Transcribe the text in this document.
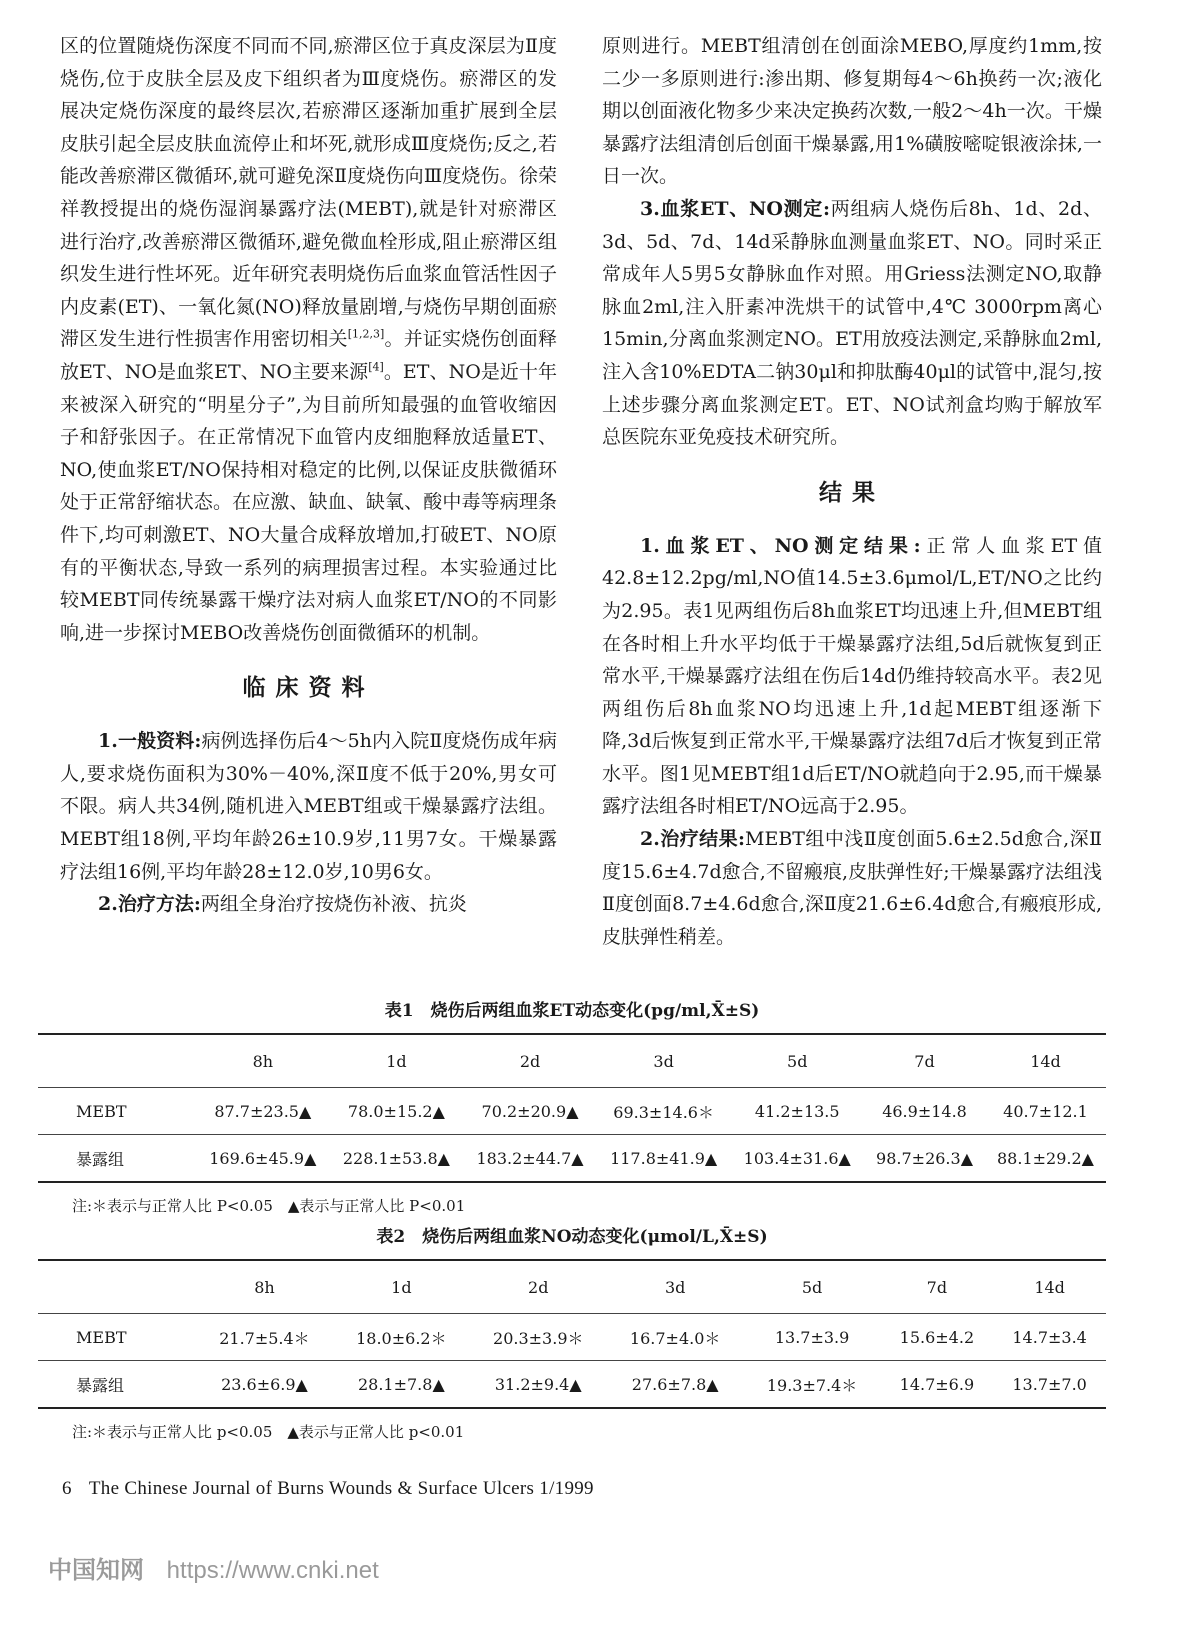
区的位置随烧伤深度不同而不同,瘀滞区位于真皮深层为Ⅱ度烧伤,位于皮肤全层及皮下组织者为Ⅲ度烧伤。瘀滞区的发展决定烧伤深度的最终层次,若瘀滞区逐渐加重扩展到全层皮肤引起全层皮肤血流停止和坏死,就形成Ⅲ度烧伤;反之,若能改善瘀滞区微循环,就可避免深Ⅱ度烧伤向Ⅲ度烧伤。徐荣祥教授提出的烧伤湿润暴露疗法(MEBT),就是针对瘀滞区进行治疗,改善瘀滞区微循环,避免微血栓形成,阻止瘀滞区组织发生进行性坏死。近年研究表明烧伤后血浆血管活性因子内皮素(ET)、一氧化氮(NO)释放量剧增,与烧伤早期创面瘀滞区发生进行性损害作用密切相关[1,2,3]。并证实烧伤创面释放ET、NO是血浆ET、NO主要来源[4]。ET、NO是近十年来被深入研究的“明星分子”,为目前所知最强的血管收缩因子和舒张因子。在正常情况下血管内皮细胞释放适量ET、NO,使血浆ET/NO保持相对稳定的比例,以保证皮肤微循环处于正常舒缩状态。在应激、缺血、缺氧、酸中毒等病理条件下,均可刺激ET、NO大量合成释放增加,打破ET、NO原有的平衡状态,导致一系列的病理损害过程。本实验通过比较MEBT同传统暴露干燥疗法对病人血浆ET/NO的不同影响,进一步探讨MEBO改善烧伤创面微循环的机制。

临床资料

1.一般资料:病例选择伤后4～5h内入院Ⅱ度烧伤成年病人,要求烧伤面积为30%－40%,深Ⅱ度不低于20%,男女可不限。病人共34例,随机进入MEBT组或干燥暴露疗法组。MEBT组18例,平均年龄26±10.9岁,11男7女。干燥暴露疗法组16例,平均年龄28±12.0岁,10男6女。

2.治疗方法:两组全身治疗按烧伤补液、抗炎

原则进行。MEBT组清创在创面涂MEBO,厚度约1mm,按二少一多原则进行:渗出期、修复期每4～6h换药一次;液化期以创面液化物多少来决定换药次数,一般2～4h一次。干燥暴露疗法组清创后创面干燥暴露,用1%磺胺嘧啶银液涂抹,一日一次。

3.血浆ET、NO测定:两组病人烧伤后8h、1d、2d、3d、5d、7d、14d采静脉血测量血浆ET、NO。同时采正常成年人5男5女静脉血作对照。用Griess法测定NO,取静脉血2ml,注入肝素冲洗烘干的试管中,4℃ 3000rpm离心15min,分离血浆测定NO。ET用放疫法测定,采静脉血2ml,注入含10%EDTA二钠30μl和抑肽酶40μl的试管中,混匀,按上述步骤分离血浆测定ET。ET、NO试剂盒均购于解放军总医院东亚免疫技术研究所。

结果

1.血浆ET、NO测定结果:正常人血浆ET值42.8±12.2pg/ml,NO值14.5±3.6μmol/L,ET/NO之比约为2.95。表1见两组伤后8h血浆ET均迅速上升,但MEBT组在各时相上升水平均低于干燥暴露疗法组,5d后就恢复到正常水平,干燥暴露疗法组在伤后14d仍维持较高水平。表2见两组伤后8h血浆NO均迅速上升,1d起MEBT组逐渐下降,3d后恢复到正常水平,干燥暴露疗法组7d后才恢复到正常水平。图1见MEBT组1d后ET/NO就趋向于2.95,而干燥暴露疗法组各时相ET/NO远高于2.95。

2.治疗结果:MEBT组中浅Ⅱ度创面5.6±2.5d愈合,深Ⅱ度15.6±4.7d愈合,不留瘢痕,皮肤弹性好;干燥暴露疗法组浅Ⅱ度创面8.7±4.6d愈合,深Ⅱ度21.6±6.4d愈合,有瘢痕形成,皮肤弹性稍差。

表1　烧伤后两组血浆ET动态变化(pg/ml,X̄±S)
	8h	1d	2d	3d	5d	7d	14d
MEBT	87.7±23.5▲	78.0±15.2▲	70.2±20.9▲	69.3±14.6＊	41.2±13.5	46.9±14.8	40.7±12.1
暴露组	169.6±45.9▲	228.1±53.8▲	183.2±44.7▲	117.8±41.9▲	103.4±31.6▲	98.7±26.3▲	88.1±29.2▲
注:＊表示与正常人比 P<0.05　▲表示与正常人比 P<0.01
表2　烧伤后两组血浆NO动态变化(μmol/L,X̄±S)
	8h	1d	2d	3d	5d	7d	14d
MEBT	21.7±5.4＊	18.0±6.2＊	20.3±3.9＊	16.7±4.0＊	13.7±3.9	15.6±4.2	14.7±3.4
暴露组	23.6±6.9▲	28.1±7.8▲	31.2±9.4▲	27.6±7.8▲	19.3±7.4＊	14.7±6.9	13.7±7.0
注:＊表示与正常人比 p<0.05　▲表示与正常人比 p<0.01
6 The Chinese Journal of Burns Wounds & Surface Ulcers 1/1999
中国知网 https://www.cnki.net
